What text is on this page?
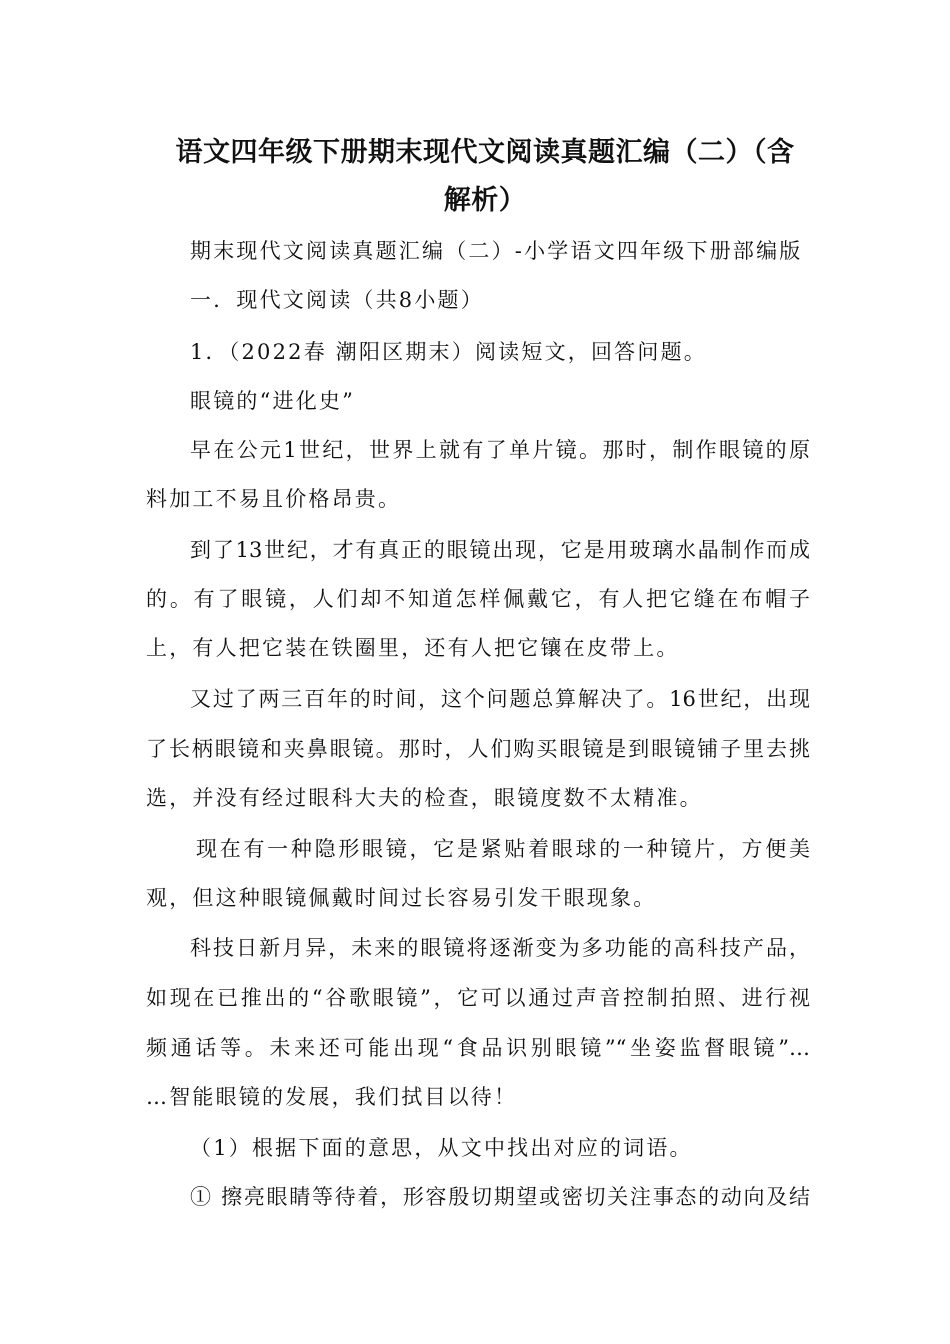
语文四年级下册期末现代文阅读真题汇编（二）（含
解析）
期末现代文阅读真题汇编（二）-小学语文四年级下册部编版
一．现代文阅读（共8小题）
1．（2022春 潮阳区期末）阅读短文，回答问题。
眼镜的“进化史”
早在公元1世纪，世界上就有了单片镜。那时，制作眼镜的原
料加工不易且价格昂贵。
到了13世纪，才有真正的眼镜出现，它是用玻璃水晶制作而成
的。有了眼镜，人们却不知道怎样佩戴它，有人把它缝在布帽子
上，有人把它装在铁圈里，还有人把它镶在皮带上。
又过了两三百年的时间，这个问题总算解决了。16世纪，出现
了长柄眼镜和夹鼻眼镜。那时，人们购买眼镜是到眼镜铺子里去挑
选，并没有经过眼科大夫的检查，眼镜度数不太精准。
现在有一种隐形眼镜，它是紧贴着眼球的一种镜片，方便美
观，但这种眼镜佩戴时间过长容易引发干眼现象。
科技日新月异，未来的眼镜将逐渐变为多功能的高科技产品，
如现在已推出的“谷歌眼镜”，它可以通过声音控制拍照、进行视
频通话等。未来还可能出现“食品识别眼镜”“坐姿监督眼镜”…
…智能眼镜的发展，我们拭目以待！
（1）根据下面的意思，从文中找出对应的词语。
① 擦亮眼睛等待着，形容殷切期望或密切关注事态的动向及结
